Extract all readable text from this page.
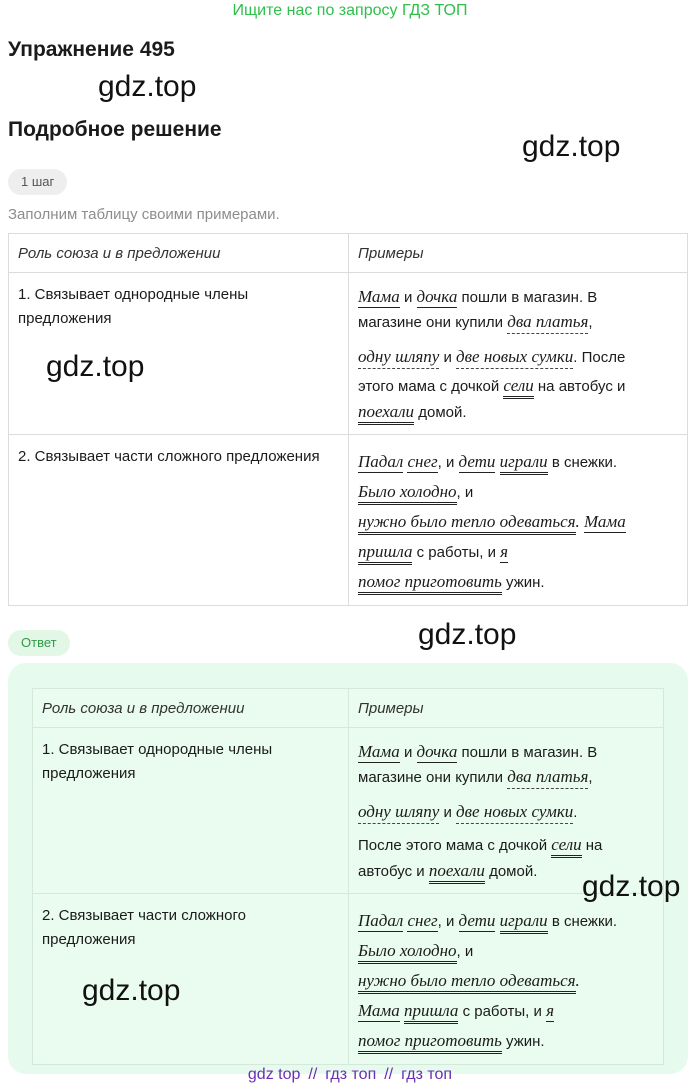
Ищите нас по запросу ГДЗ ТОП
Упражнение 495
Подробное решение
gdz.top
gdz.top
gdz.top
gdz.top
gdz.top
gdz.top
1 шаг
Заполним таблицу своими примерами.
Роль союза и в предложении	Примеры
1. Связывает однородные члены предложения	Мама и дочка пошли в магазин. В
магазине они купили два платья,
одну шляпу и две новых сумки. После
этого мама с дочкой сели на автобус и
поехали домой.

2. Связывает части сложного предложения	Падал снег, и дети играли в снежки.
Было холодно, и
нужно было тепло одеваться. Мама
пришла с работы, и я
помог приготовить ужин.
Ответ
Роль союза и в предложении	Примеры
1. Связывает однородные члены предложения	Мама и дочка пошли в магазин. В
магазине они купили два платья,
одну шляпу и две новых сумки.
После этого мама с дочкой сели на
автобус и поехали домой.

2. Связывает части сложного предложения	Падал снег, и дети играли в снежки.
Было холодно, и
нужно было тепло одеваться.
Мама пришла с работы, и я
помог приготовить ужин.
gdz top // гдз топ // гдз топ
